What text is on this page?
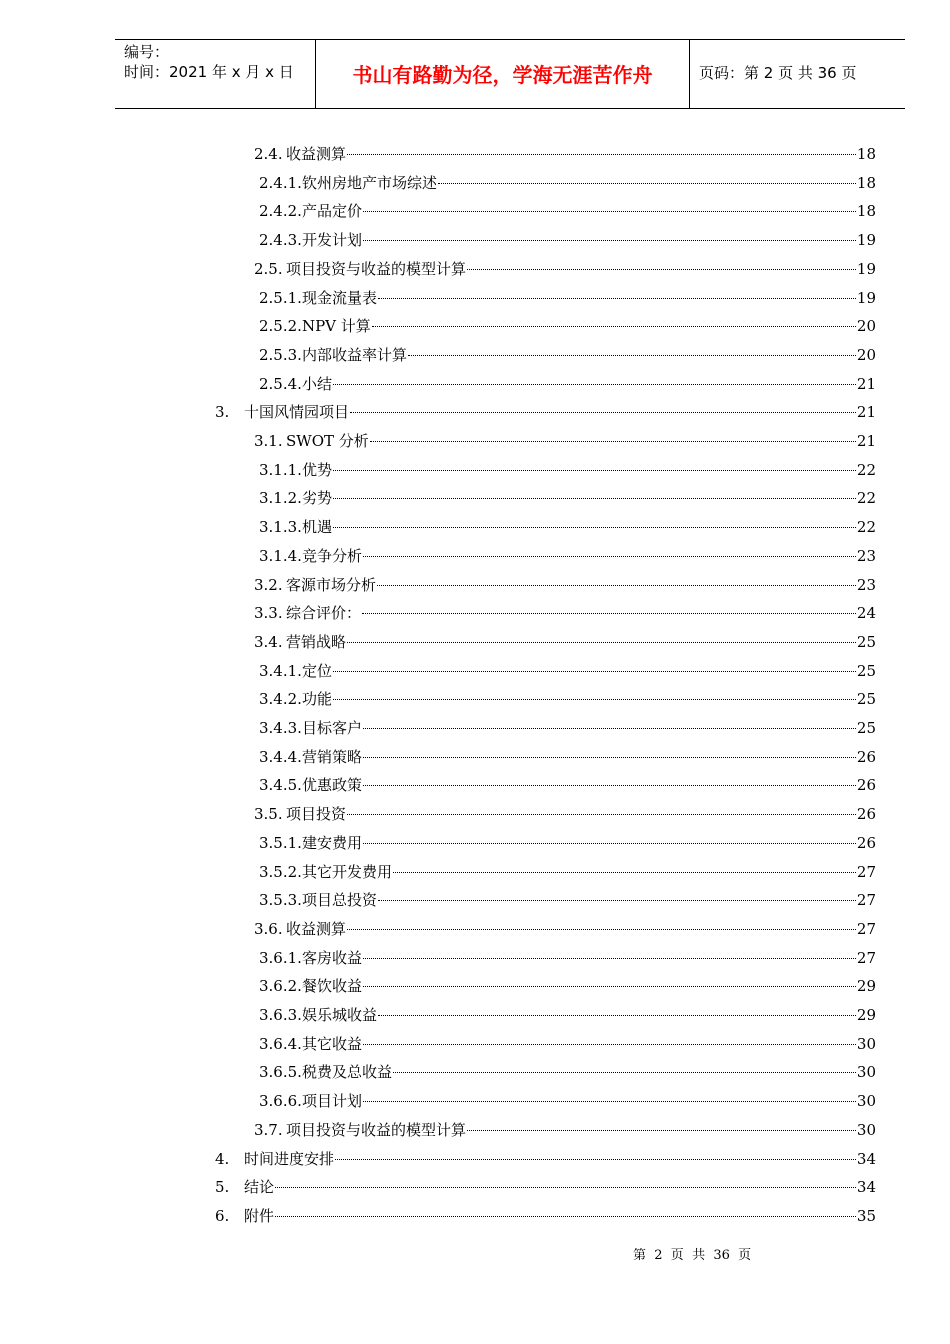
编号：
时间：2021 年 x 月 x 日	书山有路勤为径，学海无涯苦作舟	页码：第 2 页 共 36 页
2.4. 收益测算	18
2.4.1. 钦州房地产市场综述	18
2.4.2. 产品定价	18
2.4.3. 开发计划	19
2.5. 项目投资与收益的模型计算	19
2.5.1. 现金流量表	19
2.5.2. NPV 计算	20
2.5.3. 内部收益率计算	20
2.5.4. 小结	21
3. 十国风情园项目	21
3.1. SWOT 分析	21
3.1.1. 优势	22
3.1.2. 劣势	22
3.1.3. 机遇	22
3.1.4. 竞争分析	23
3.2. 客源市场分析	23
3.3. 综合评价：	24
3.4. 营销战略	25
3.4.1. 定位	25
3.4.2. 功能	25
3.4.3. 目标客户	25
3.4.4. 营销策略	26
3.4.5. 优惠政策	26
3.5. 项目投资	26
3.5.1. 建安费用	26
3.5.2. 其它开发费用	27
3.5.3. 项目总投资	27
3.6. 收益测算	27
3.6.1. 客房收益	27
3.6.2. 餐饮收益	29
3.6.3. 娱乐城收益	29
3.6.4. 其它收益	30
3.6.5. 税费及总收益	30
3.6.6. 项目计划	30
3.7. 项目投资与收益的模型计算	30
4. 时间进度安排	34
5. 结论	34
6. 附件	35
第  2  页  共  36  页
